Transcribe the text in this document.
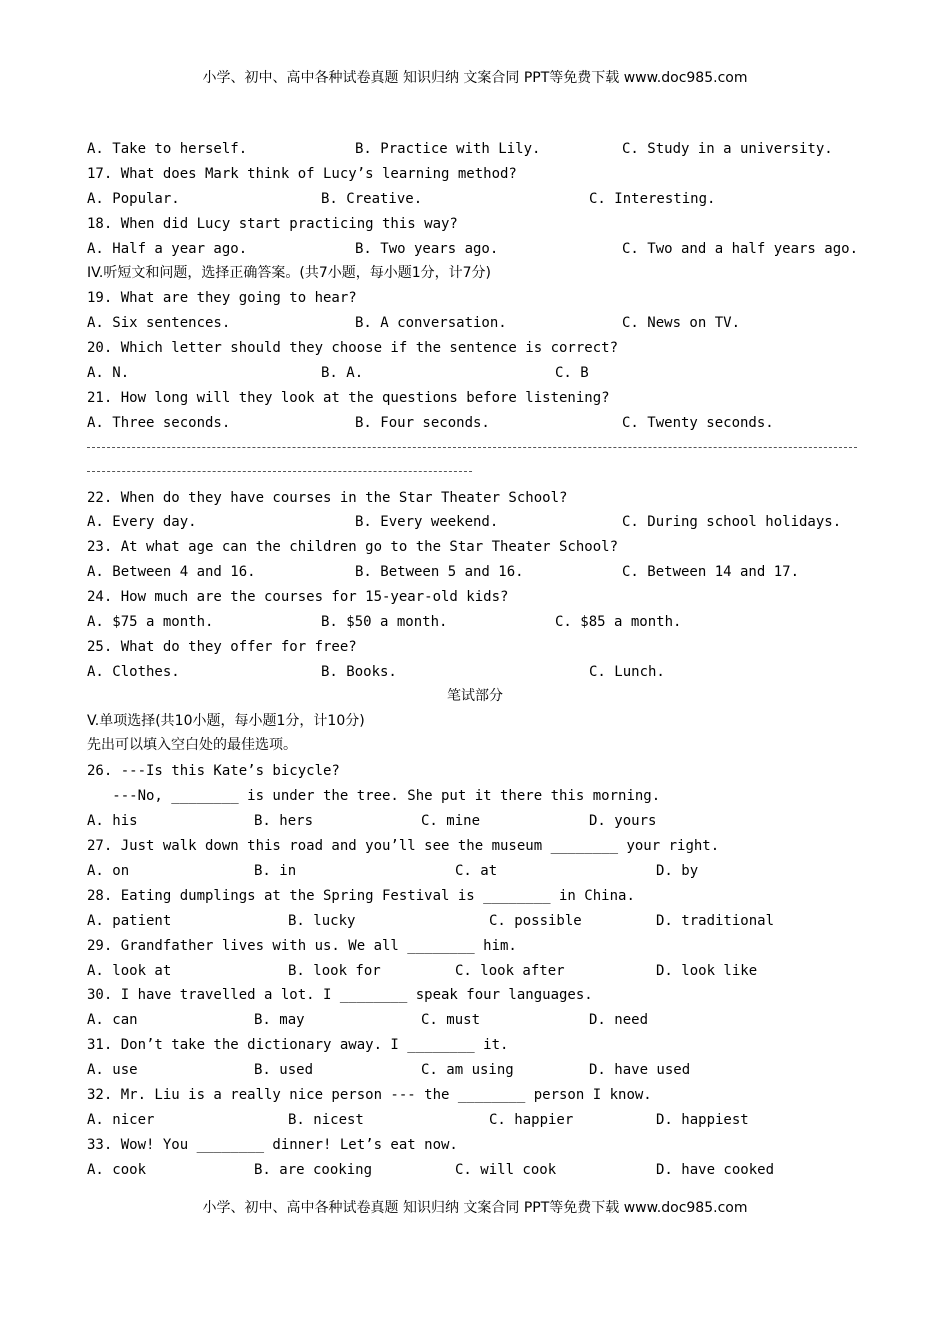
小学、初中、高中各种试卷真题 知识归纳 文案合同 PPT等免费下载 www.doc985.com
A. Take to herself.	B. Practice with Lily.	C. Study in a university.
17. What does Mark think of Lucy’s learning method?
A. Popular.	B. Creative.	C. Interesting.
18. When did Lucy start practicing this way?
A. Half a year ago.	B. Two years ago.	C. Two and a half years ago.
IV.听短文和问题，选择正确答案。(共7小题，每小题1分，计7分)
19. What are they going to hear?
A. Six sentences.	B. A conversation.	C. News on TV.
20. Which letter should they choose if the sentence is correct?
A. N.	B. A.	C. B
21. How long will they look at the questions before listening?
A. Three seconds.	B. Four seconds.	C. Twenty seconds.
22. When do they have courses in the Star Theater School?
A. Every day.	B. Every weekend.	C. During school holidays.
23. At what age can the children go to the Star Theater School?
A. Between 4 and 16.	B. Between 5 and 16.	C. Between 14 and 17.
24. How much are the courses for 15-year-old kids?
A. $75 a month.	B. $50 a month.	C. $85 a month.
25. What do they offer for free?
A. Clothes.	B. Books.	C. Lunch.
笔试部分
V.单项选择(共10小题，每小题1分，计10分)
先出可以填入空白处的最佳选项。
26. ---Is this Kate’s bicycle?
---No, ________ is under the tree. She put it there this morning.
A. his	B. hers	C. mine	D. yours
27. Just walk down this road and you’ll see the museum ________ your right.
A. on	B. in	C. at	D. by
28. Eating dumplings at the Spring Festival is ________ in China.
A. patient	B. lucky	C. possible	D. traditional
29. Grandfather lives with us. We all ________ him.
A. look at	B. look for	C. look after	D. look like
30. I have travelled a lot. I ________ speak four languages.
A. can	B. may	C. must	D. need
31. Don’t take the dictionary away. I ________ it.
A. use	B. used	C. am using	D. have used
32. Mr. Liu is a really nice person --- the ________ person I know.
A. nicer	B. nicest	C. happier	D. happiest
33. Wow! You ________ dinner! Let’s eat now.
A. cook	B. are cooking	C. will cook	D. have cooked
小学、初中、高中各种试卷真题 知识归纳 文案合同 PPT等免费下载 www.doc985.com
